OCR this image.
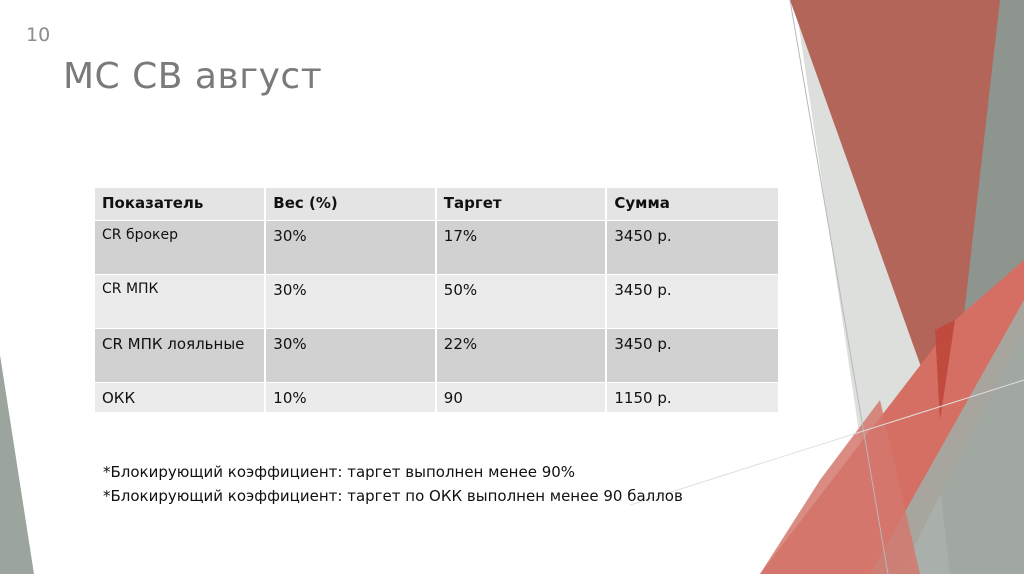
10
МС СВ август
Показатель	Вес (%)	Таргет	Сумма
CR брокер	30%	17%	3450 р.
CR МПК	30%	50%	3450 р.
CR МПК лояльные	30%	22%	3450 р.
ОКК	10%	90	1150 р.
*Блокирующий коэффициент: таргет выполнен менее 90%
*Блокирующий коэффициент: таргет по ОКК выполнен менее 90 баллов
